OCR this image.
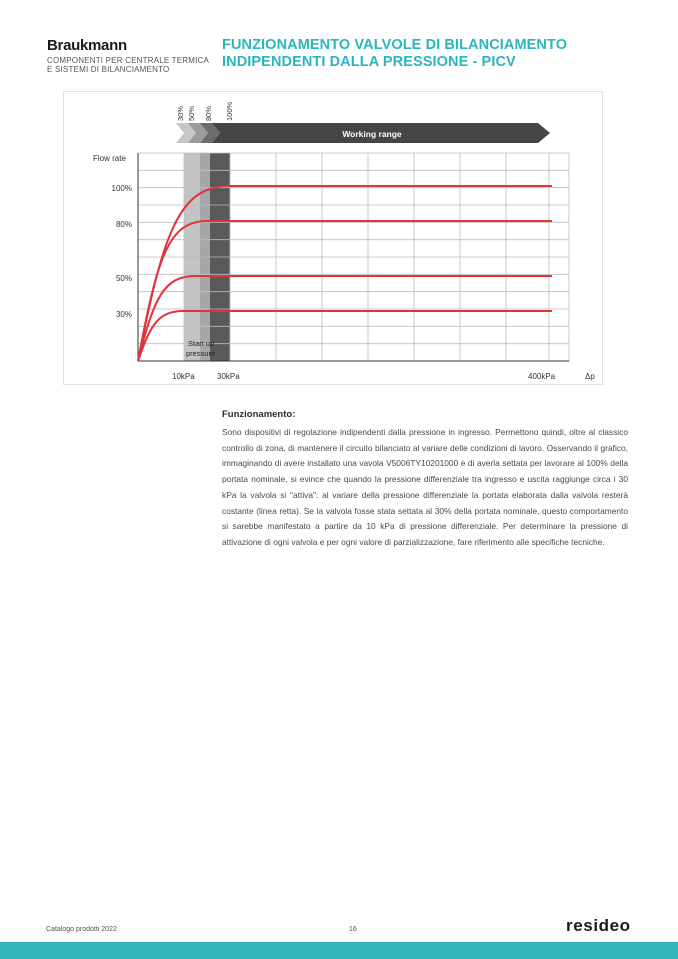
Braukmann
COMPONENTI PER CENTRALE TERMICA
E SISTEMI DI BILANCIAMENTO
FUNZIONAMENTO VALVOLE DI BILANCIAMENTO
INDIPENDENTI DALLA PRESSIONE - PICV
Working range
30% 50% 80% 100%
Flow rate
100%
80%
50%
30%
10kPa	30kPa	400kPa	Δp
Start up
pressure
Funzionamento:

Sono dispositivi di regolazione indipendenti dalla pressione in ingresso. Permettono quindi, oltre al classico controllo di zona, di mantenere il circuito bilanciato al variare delle condizioni di lavoro. Osservando il grafico, immaginando di avere installato una vavola V5006TY10201000 e di averla settata per lavorare al 100% della portata nominale, si evince che quando la pressione differenziale tra ingresso e uscita raggiunge circa i 30 kPa la valvola si "attiva": al variare della pressione differenziale la portata elaborata dalla valvola resterà costante (linea retta). Se la valvola fosse stata settata al 30% della portata nominale, questo comportamento si sarebbe manifestato a partire da 10 kPa di pressione differenziale. Per determinare la pressione di attivazione di ogni valvola e per ogni valore di parzializzazione, fare riferimento alle specifiche tecniche.

Catalogo prodotti 2022	16	resideo
